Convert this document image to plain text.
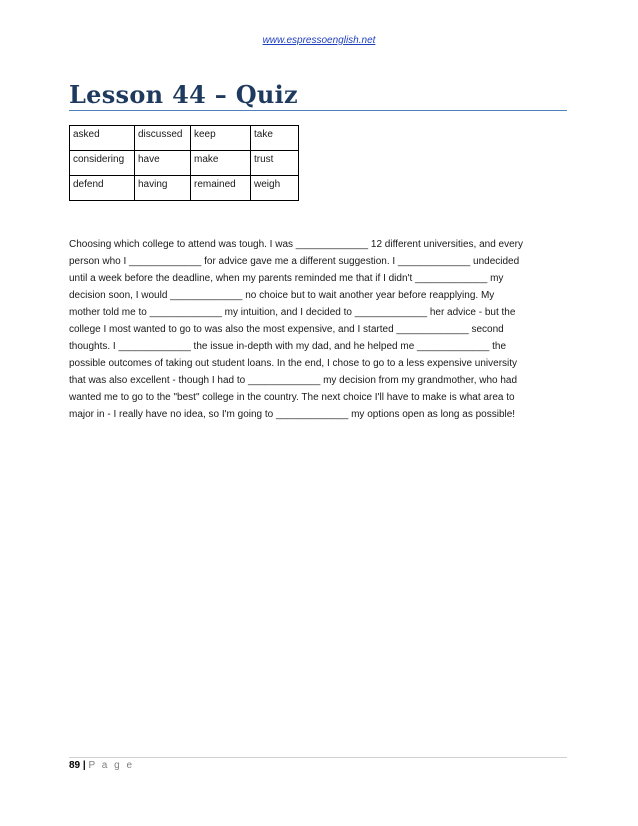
www.espressoenglish.net
Lesson 44 – Quiz
asked	discussed	keep	take
considering	have	make	trust
defend	having	remained	weigh
Choosing which college to attend was tough. I was _____________ 12 different universities, and every
person who I _____________ for advice gave me a different suggestion. I _____________ undecided
until a week before the deadline, when my parents reminded me that if I didn't _____________ my
decision soon, I would _____________ no choice but to wait another year before reapplying. My
mother told me to _____________ my intuition, and I decided to _____________ her advice - but the
college I most wanted to go to was also the most expensive, and I started _____________ second
thoughts. I _____________ the issue in-depth with my dad, and he helped me _____________ the
possible outcomes of taking out student loans. In the end, I chose to go to a less expensive university
that was also excellent - though I had to _____________ my decision from my grandmother, who had
wanted me to go to the "best" college in the country. The next choice I'll have to make is what area to
major in - I really have no idea, so I'm going to _____________ my options open as long as possible!
89 | P a g e
